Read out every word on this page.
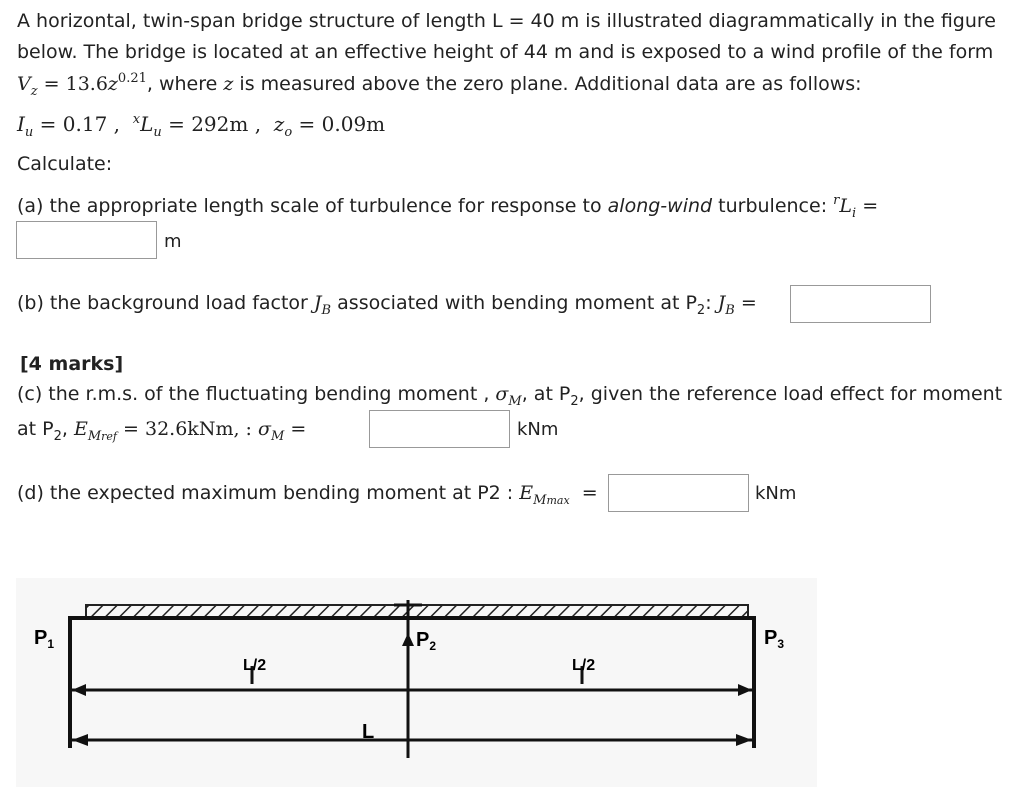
A horizontal, twin-span bridge structure of length L = 40 m is illustrated diagrammatically in the figure
below. The bridge is located at an effective height of 44 m and is exposed to a wind profile of the form
$V_z = 13.6z^{0.21}$, where z is measured above the zero plane. Additional data are as follows:
$I_u = 0.17$ , $^xL_u = 292m$ , $z_o = 0.09m$
Calculate:
(a) the appropriate length scale of turbulence for response to along-wind turbulence: $^rL_i$ =
m
(b) the background load factor $J_B$ associated with bending moment at $P_2$: $J_B$ =
[4 marks]
(c) the r.m.s. of the fluctuating bending moment , $\sigma_M$, at $P_2$, given the reference load effect for moment
at $P_2$, $E_{Mref} = 32.6kNm$, : $\sigma_M$ =	kNm
(d) the expected maximum bending moment at P2 : $E_{Mmax}$  =	kNm
L/2	L/2
$P_1$	$P_2$	$P_3$
L
